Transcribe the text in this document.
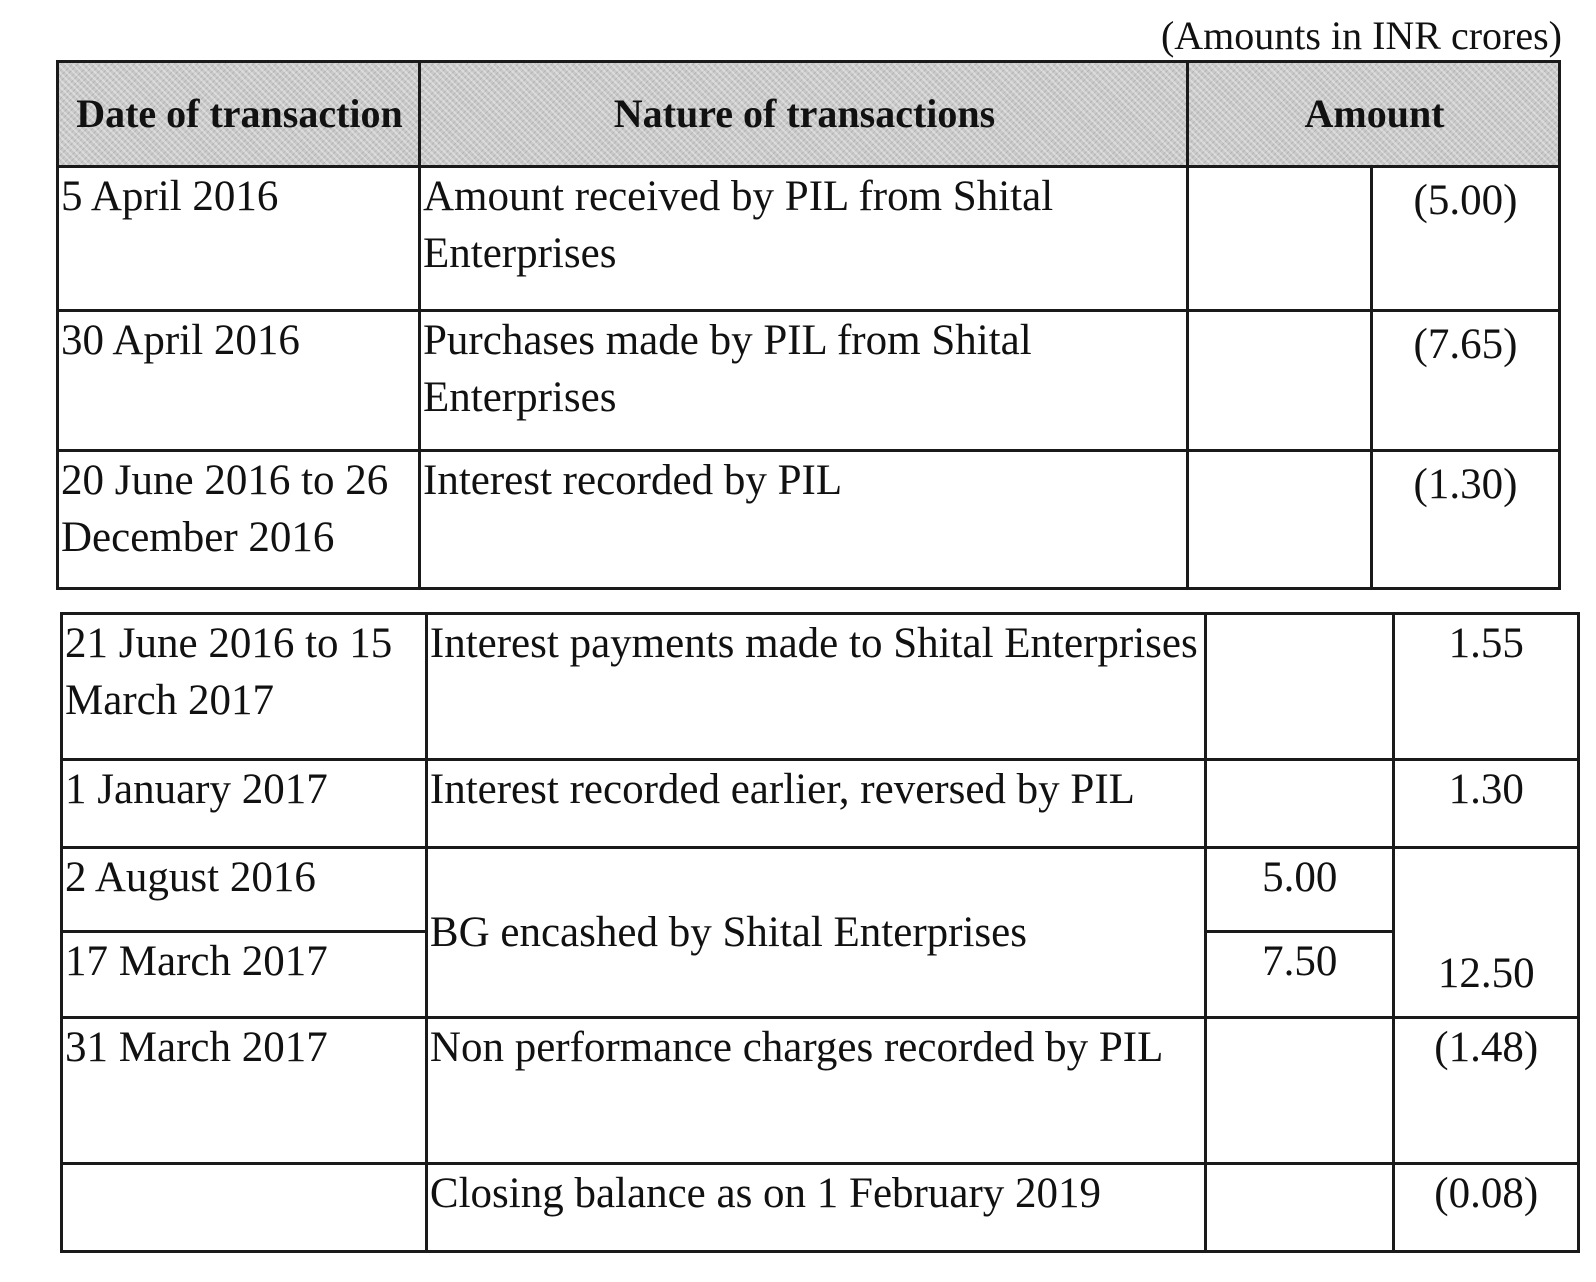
(Amounts in INR crores)
Date of transaction	Nature of transactions	Amount	
5 April 2016	Amount received by PIL from Shital Enterprises		(5.00)
30 April 2016	Purchases made by PIL from Shital Enterprises		(7.65)
20 June 2016 to 26 December 2016	Interest recorded by PIL		(1.30)
21 June 2016 to 15 March 2017	Interest payments made to Shital Enterprises		1.55
1 January 2017	Interest recorded earlier, reversed by PIL		1.30
2 August 2016	BG encashed by Shital Enterprises	5.00	12.50
17 March 2017		7.50	
31 March 2017	Non performance charges recorded by PIL		(1.48)
	Closing balance as on 1 February 2019		(0.08)
